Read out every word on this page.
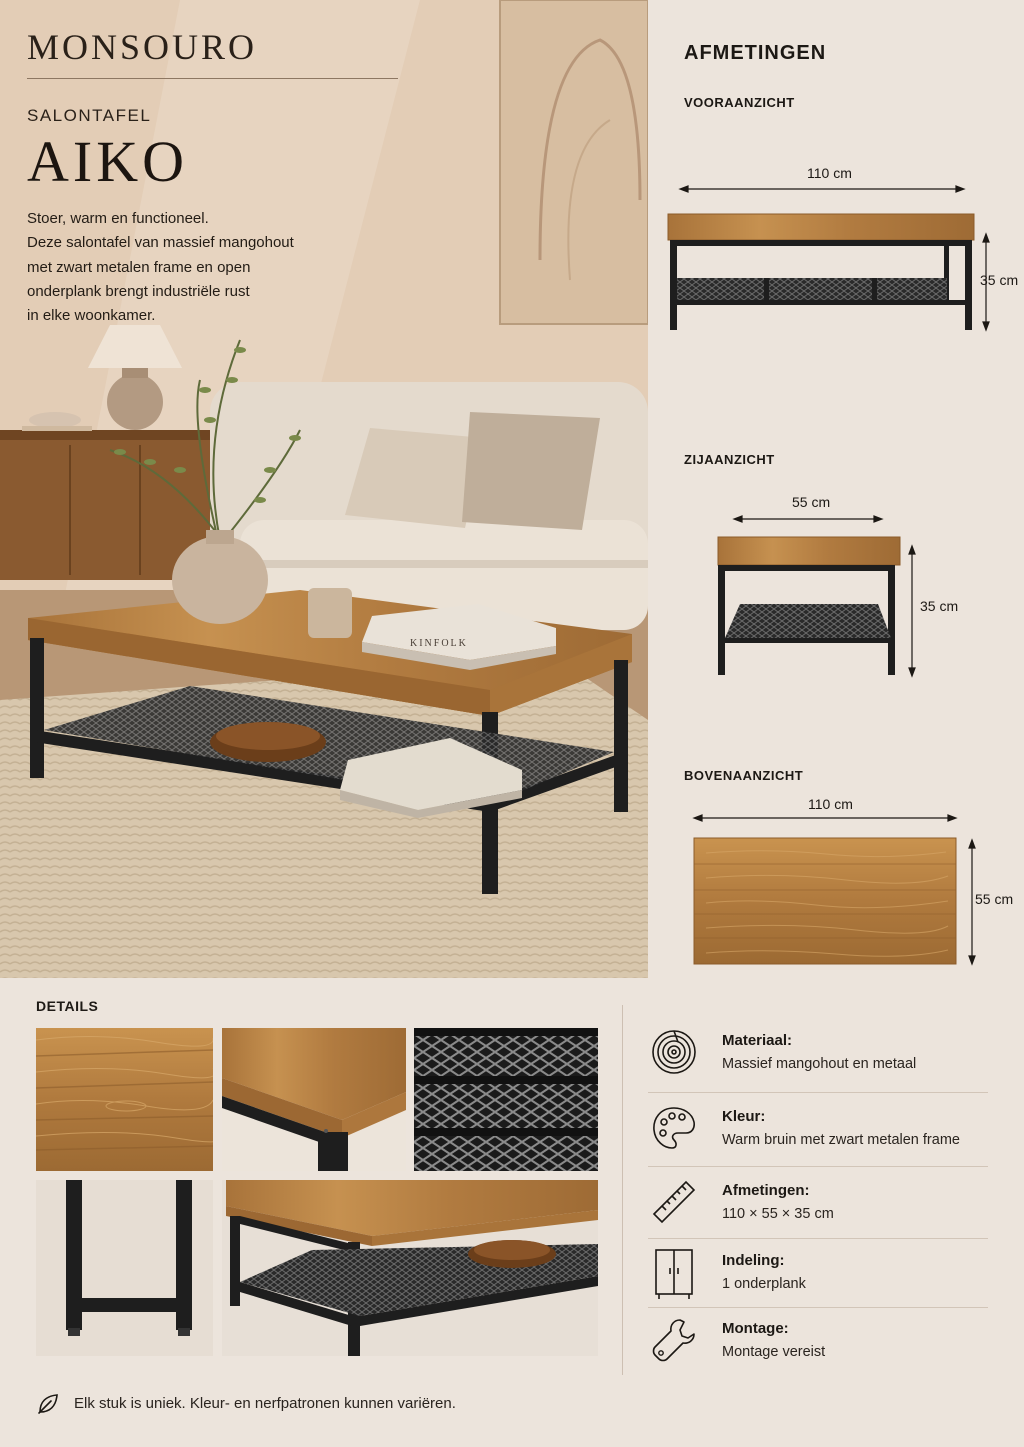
KINFOLK
MONSOURO
SALONTAFEL
AIKO
Stoer, warm en functioneel.
Deze salontafel van massief mangohout
met zwart metalen frame en open
onderplank brengt industriële rust
in elke woonkamer.
AFMETINGEN
VOORAANZICHT
110 cm
35 cm
ZIJAANZICHT
55 cm
35 cm
BOVENAANZICHT
110 cm
55 cm
DETAILS
Materiaal:
Massief mangohout en metaal
Kleur:
Warm bruin met zwart metalen frame
Afmetingen:
110 × 55 × 35 cm
Indeling:
1 onderplank
Montage:
Montage vereist
Elk stuk is uniek. Kleur- en nerfpatronen kunnen variëren.
